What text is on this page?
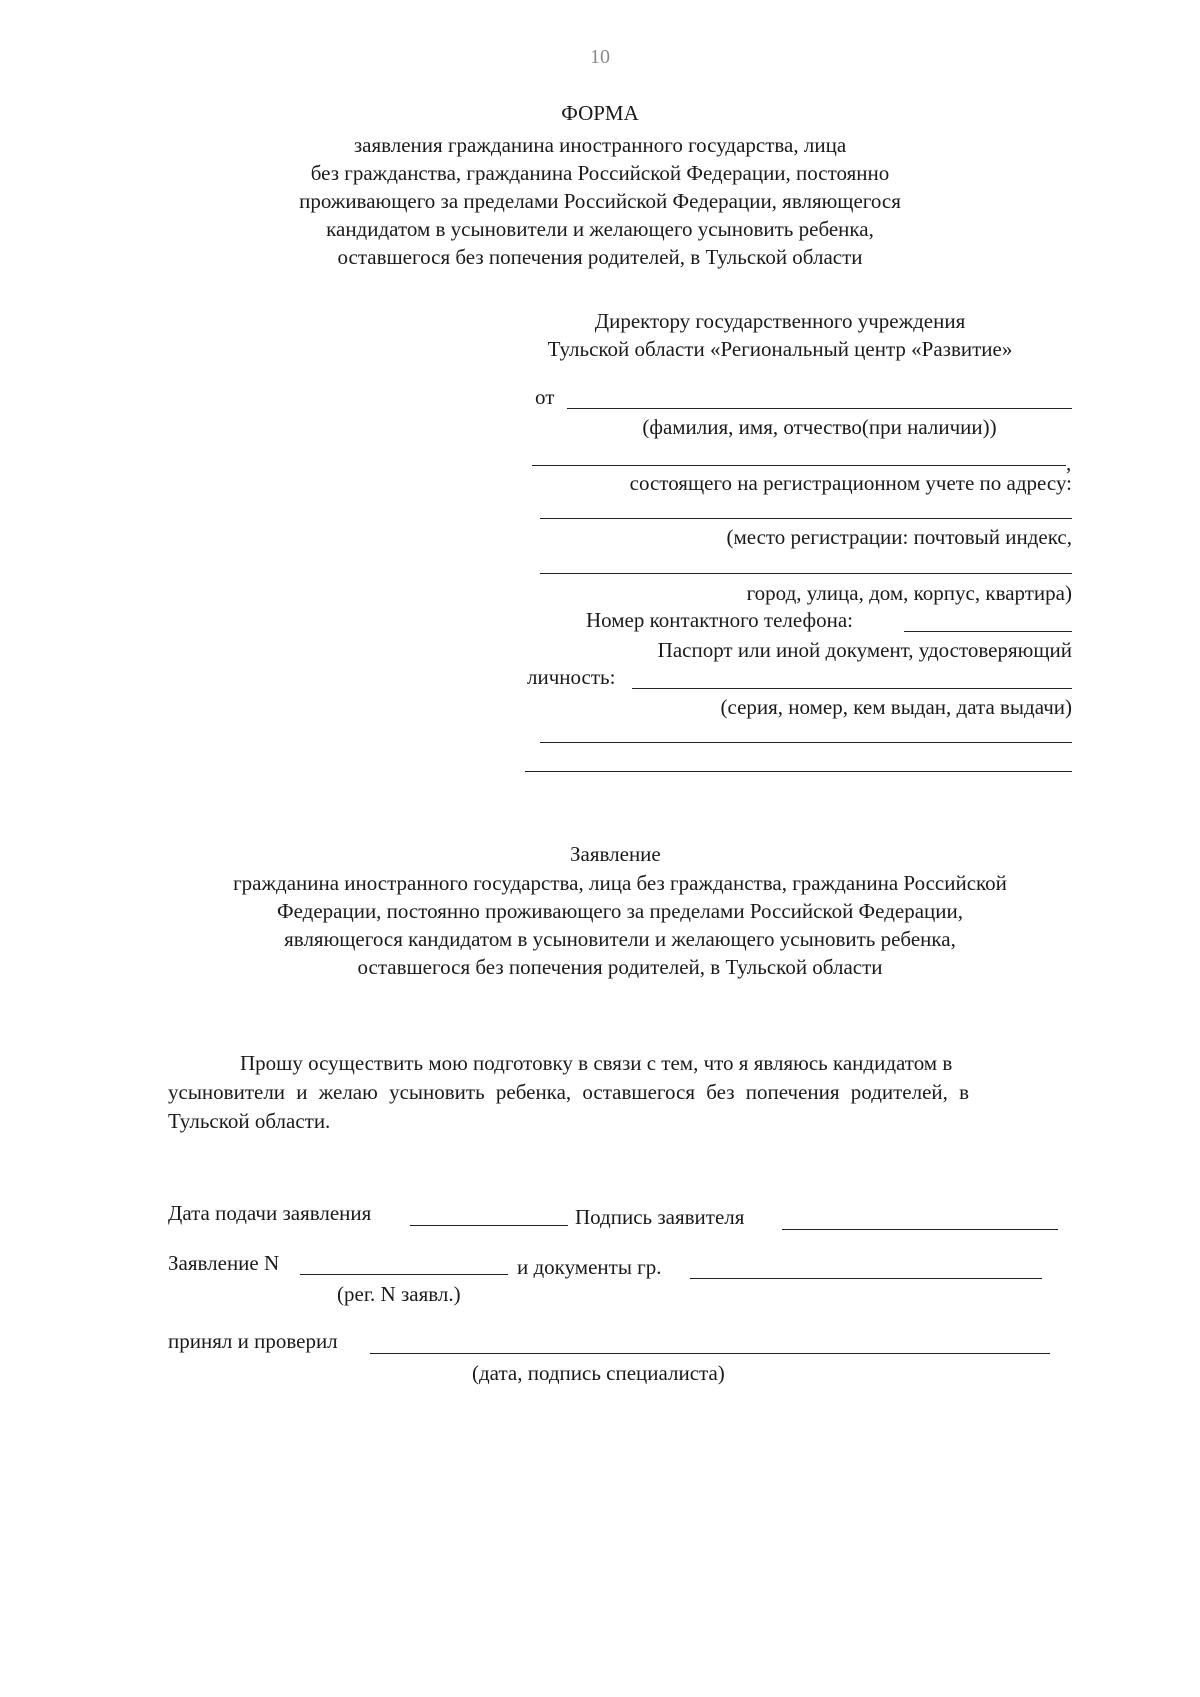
10
ФОРМА
заявления гражданина иностранного государства, лица
без гражданства, гражданина Российской Федерации, постоянно
проживающего за пределами Российской Федерации, являющегося
кандидатом в усыновители и желающего усыновить ребенка,
оставшегося без попечения родителей, в Тульской области
Директору государственного учреждения
Тульской области «Региональный центр «Развитие»
от
(фамилия, имя, отчество(при наличии))
,
состоящего на регистрационном учете по адресу:
(место регистрации: почтовый индекс,
город, улица, дом, корпус, квартира)
Номер контактного телефона:
Паспорт или иной документ, удостоверяющий
личность:
(серия, номер, кем выдан, дата выдачи)
Заявление
гражданина иностранного государства, лица без гражданства, гражданина Российской
Федерации, постоянно проживающего за пределами Российской Федерации,
являющегося кандидатом в усыновители и желающего усыновить ребенка,
оставшегося без попечения родителей, в Тульской области
Прошу осуществить мою подготовку в связи с тем, что я являюсь кандидатом в
усыновители и желаю усыновить ребенка, оставшегося без попечения родителей, в
Тульской области.
Дата подачи заявления	Подпись заявителя
Заявление N	и документы гр.
(рег. N заявл.)
принял и проверил
(дата, подпись специалиста)
